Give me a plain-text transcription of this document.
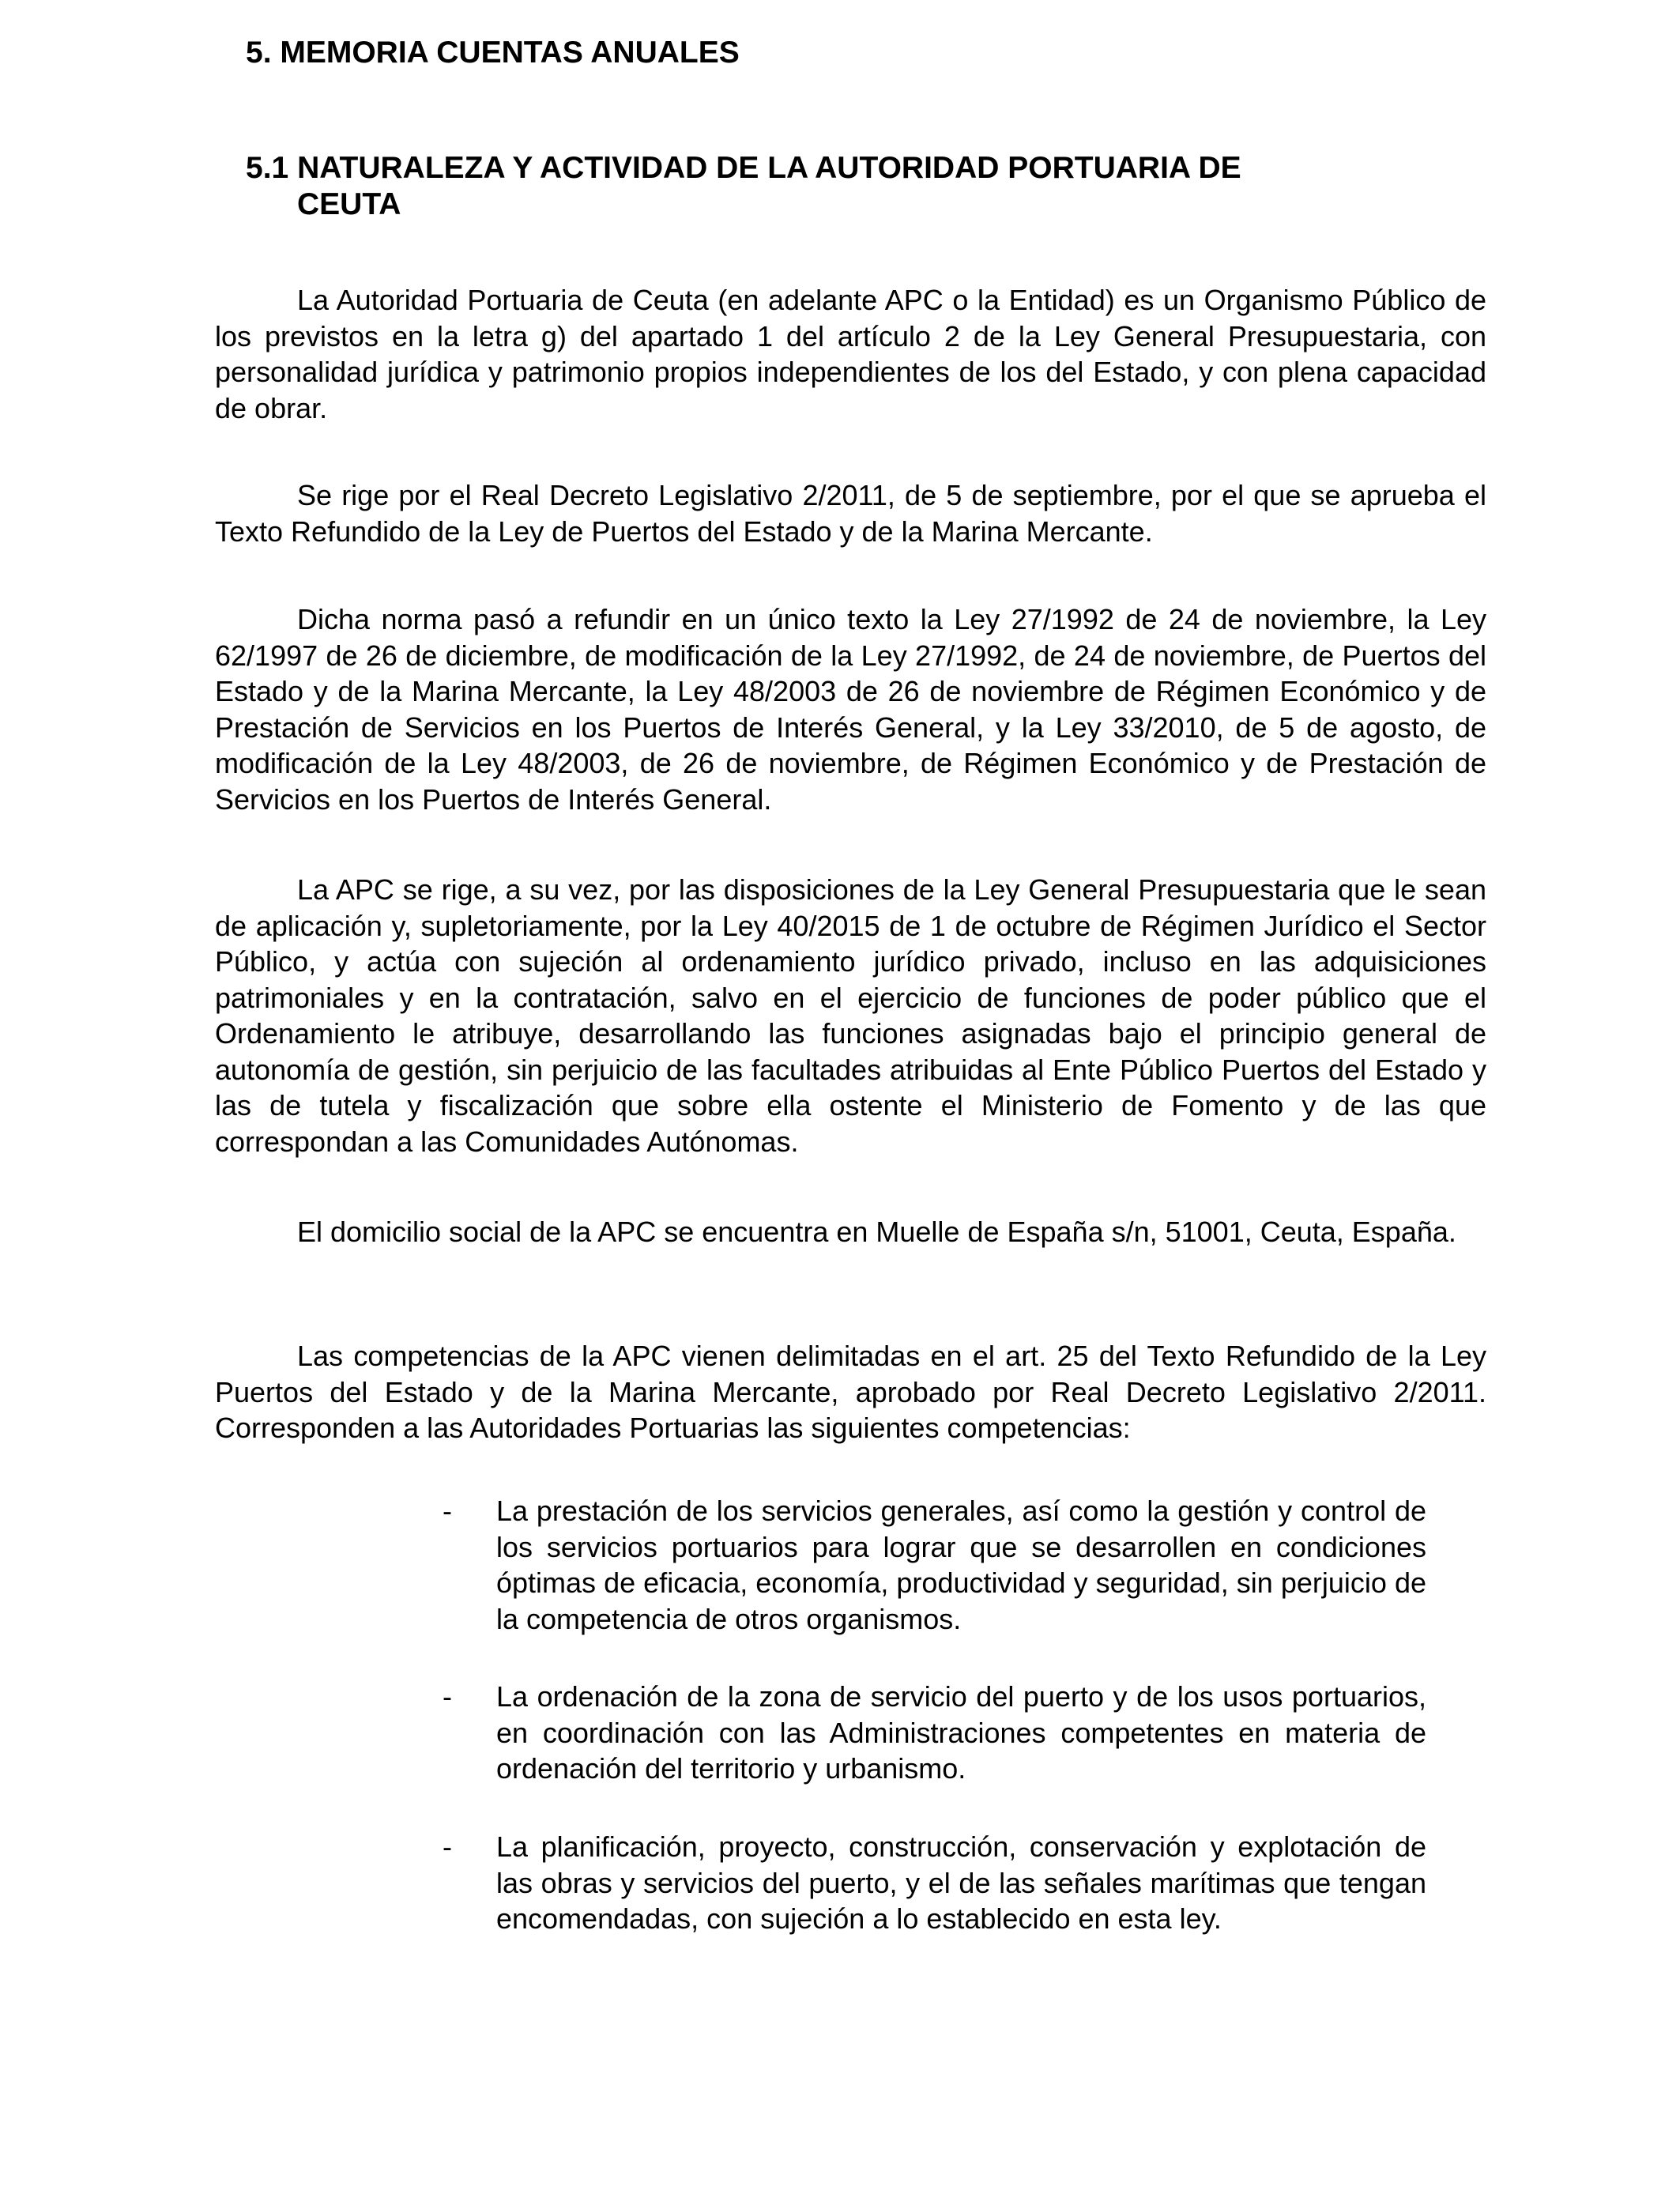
5. MEMORIA CUENTAS ANUALES
5.1 NATURALEZA Y ACTIVIDAD DE LA AUTORIDAD PORTUARIA DE
CEUTA

La Autoridad Portuaria de Ceuta (en adelante APC o la Entidad) es un Organismo Público de los previstos en la letra g) del apartado 1 del artículo 2 de la Ley General Presupuestaria, con personalidad jurídica y patrimonio propios independientes de los del Estado, y con plena capacidad de obrar.

Se rige por el Real Decreto Legislativo 2/2011, de 5 de septiembre, por el que se aprueba el Texto Refundido de la Ley de Puertos del Estado y de la Marina Mercante.

Dicha norma pasó a refundir en un único texto la Ley 27/1992 de 24 de noviembre, la Ley 62/1997 de 26 de diciembre, de modificación de la Ley 27/1992, de 24 de noviembre, de Puertos del Estado y de la Marina Mercante, la Ley 48/2003 de 26 de noviembre de Régimen Económico y de Prestación de Servicios en los Puertos de Interés General, y la Ley 33/2010, de 5 de agosto, de modificación de la Ley 48/2003, de 26 de noviembre, de Régimen Económico y de Prestación de Servicios en los Puertos de Interés General.

La APC se rige, a su vez, por las disposiciones de la Ley General Presupuestaria que le sean de aplicación y, supletoriamente, por la Ley 40/2015 de 1 de octubre de Régimen Jurídico el Sector Público, y actúa con sujeción al ordenamiento jurídico privado, incluso en las adquisiciones patrimoniales y en la contratación, salvo en el ejercicio de funciones de poder público que el Ordenamiento le atribuye, desarrollando las funciones asignadas bajo el principio general de autonomía de gestión, sin perjuicio de las facultades atribuidas al Ente Público Puertos del Estado y las de tutela y fiscalización que sobre ella ostente el Ministerio de Fomento y de las que correspondan a las Comunidades Autónomas.

El domicilio social de la APC se encuentra en Muelle de España s/n, 51001, Ceuta, España.

Las competencias de la APC vienen delimitadas en el art. 25 del Texto Refundido de la Ley Puertos del Estado y de la Marina Mercante, aprobado por Real Decreto Legislativo 2/2011. Corresponden a las Autoridades Portuarias las siguientes competencias:

-	La prestación de los servicios generales, así como la gestión y control de los servicios portuarios para lograr que se desarrollen en condiciones óptimas de eficacia, economía, productividad y seguridad, sin perjuicio de la competencia de otros organismos.
-	La ordenación de la zona de servicio del puerto y de los usos portuarios, en coordinación con las Administraciones competentes en materia de ordenación del territorio y urbanismo.
-	La planificación, proyecto, construcción, conservación y explotación de las obras y servicios del puerto, y el de las señales marítimas que tengan encomendadas, con sujeción a lo establecido en esta ley.
